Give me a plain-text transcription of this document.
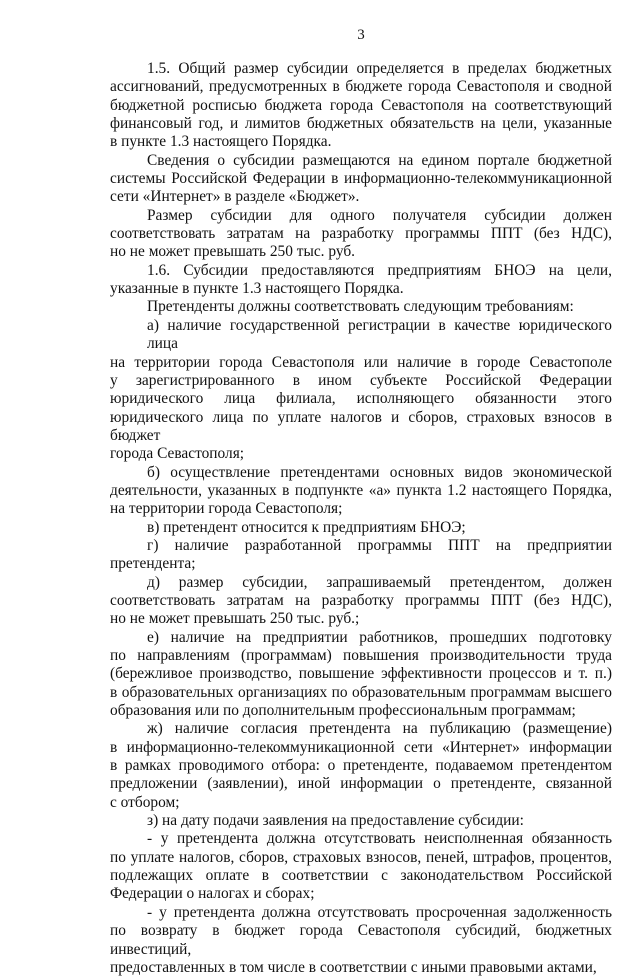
3

1.5. Общий размер субсидии определяется в пределах бюджетных
ассигнований, предусмотренных в бюджете города Севастополя и сводной
бюджетной росписью бюджета города Севастополя на соответствующий
финансовый год, и лимитов бюджетных обязательств на цели, указанные
в пункте 1.3 настоящего Порядка.

Сведения о субсидии размещаются на едином портале бюджетной
системы Российской Федерации в информационно-телекоммуникационной
сети «Интернет» в разделе «Бюджет».

Размер субсидии для одного получателя субсидии должен
соответствовать затратам на разработку программы ППТ (без НДС),
но не может превышать 250 тыс. руб.

1.6. Субсидии предоставляются предприятиям БНОЭ на цели,
указанные в пункте 1.3 настоящего Порядка.

Претенденты должны соответствовать следующим требованиям:

а) наличие государственной регистрации в качестве юридического лица
на территории города Севастополя или наличие в городе Севастополе
у зарегистрированного в ином субъекте Российской Федерации
юридического лица филиала, исполняющего обязанности этого
юридического лица по уплате налогов и сборов, страховых взносов в бюджет
города Севастополя;

б) осуществление претендентами основных видов экономической
деятельности, указанных в подпункте «а» пункта 1.2 настоящего Порядка,
на территории города Севастополя;

в) претендент относится к предприятиям БНОЭ;

г) наличие разработанной программы ППТ на предприятии
претендента;

д) размер субсидии, запрашиваемый претендентом, должен
соответствовать затратам на разработку программы ППТ (без НДС),
но не может превышать 250 тыс. руб.;

е) наличие на предприятии работников, прошедших подготовку
по направлениям (программам) повышения производительности труда
(бережливое производство, повышение эффективности процессов и т. п.)
в образовательных организациях по образовательным программам высшего
образования или по дополнительным профессиональным программам;

ж) наличие согласия претендента на публикацию (размещение)
в информационно-телекоммуникационной сети «Интернет» информации
в рамках проводимого отбора: о претенденте, подаваемом претендентом
предложении (заявлении), иной информации о претенденте, связанной
с отбором;

з) на дату подачи заявления на предоставление субсидии:

- у претендента должна отсутствовать неисполненная обязанность
по уплате налогов, сборов, страховых взносов, пеней, штрафов, процентов,
подлежащих оплате в соответствии с законодательством Российской
Федерации о налогах и сборах;

- у претендента должна отсутствовать просроченная задолженность
по возврату в бюджет города Севастополя субсидий, бюджетных инвестиций,
предоставленных в том числе в соответствии с иными правовыми актами,
